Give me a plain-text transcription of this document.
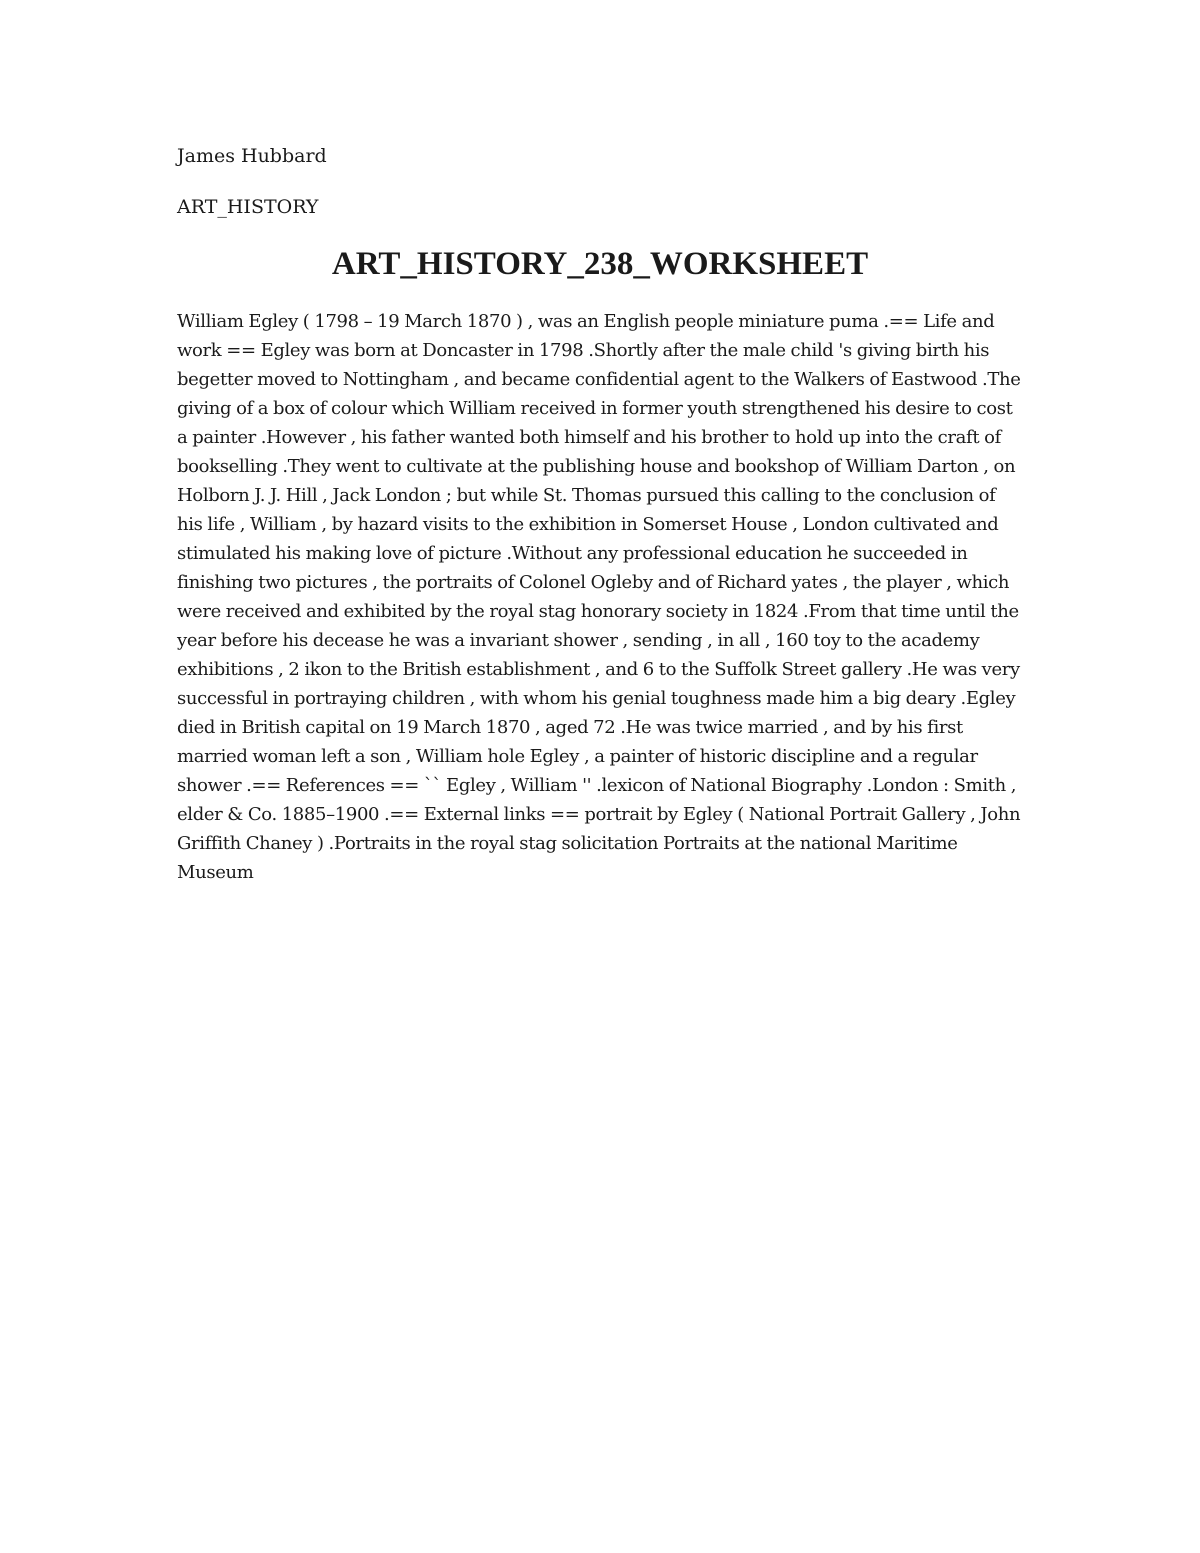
James Hubbard

ART_HISTORY

ART_HISTORY_238_WORKSHEET

William Egley ( 1798 – 19 March 1870 ) , was an English people miniature puma .== Life and work == Egley was born at Doncaster in 1798 .Shortly after the male child 's giving birth his begetter moved to Nottingham , and became confidential agent to the Walkers of Eastwood .The giving of a box of colour which William received in former youth strengthened his desire to cost a painter .However , his father wanted both himself and his brother to hold up into the craft of bookselling .They went to cultivate at the publishing house and bookshop of William Darton , on Holborn J. J. Hill , Jack London ; but while St. Thomas pursued this calling to the conclusion of his life , William , by hazard visits to the exhibition in Somerset House , London cultivated and stimulated his making love of picture .Without any professional education he succeeded in finishing two pictures , the portraits of Colonel Ogleby and of Richard yates , the player , which were received and exhibited by the royal stag honorary society in 1824 .From that time until the year before his decease he was a invariant shower , sending , in all , 160 toy to the academy exhibitions , 2 ikon to the British establishment , and 6 to the Suffolk Street gallery .He was very successful in portraying children , with whom his genial toughness made him a big deary .Egley died in British capital on 19 March 1870 , aged 72 .He was twice married , and by his first married woman left a son , William hole Egley , a painter of historic discipline and a regular shower .== References == `` Egley , William '' .lexicon of National Biography .London : Smith , elder & Co. 1885–1900 .== External links == portrait by Egley ( National Portrait Gallery , John Griffith Chaney ) .Portraits in the royal stag solicitation Portraits at the national Maritime Museum
